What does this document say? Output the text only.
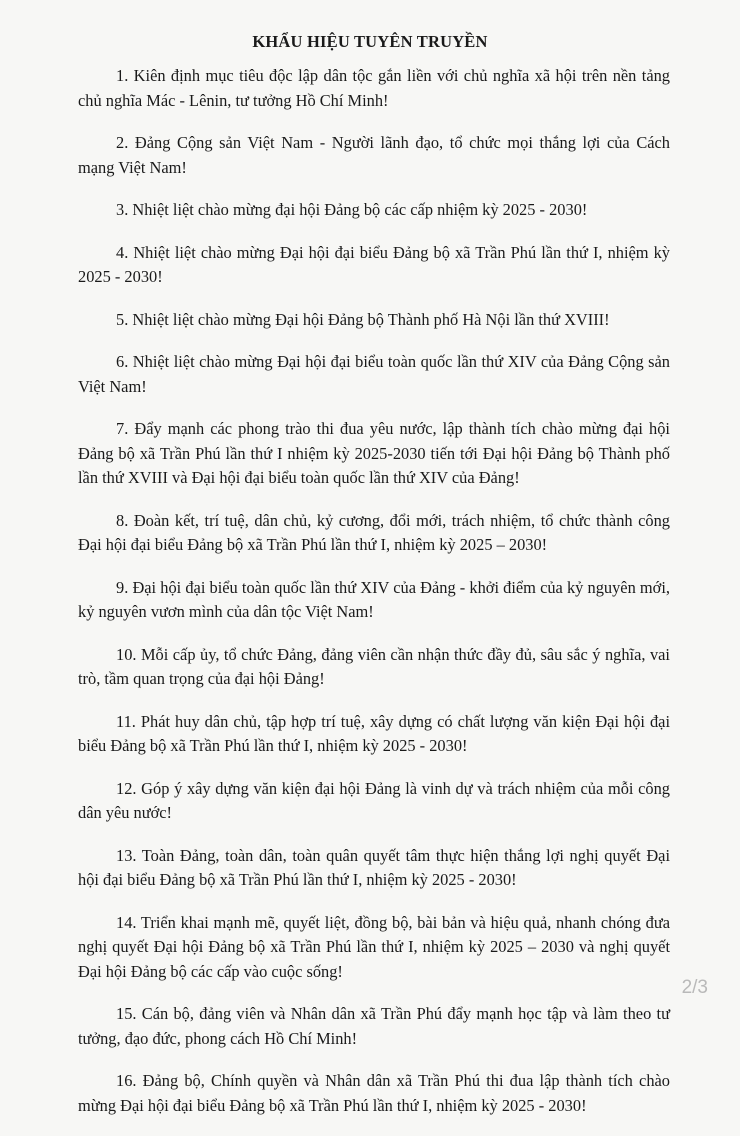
KHẨU HIỆU TUYÊN TRUYỀN

1. Kiên định mục tiêu độc lập dân tộc gắn liền với chủ nghĩa xã hội trên nền tảng chủ nghĩa Mác - Lênin, tư tưởng Hồ Chí Minh!

2. Đảng Cộng sản Việt Nam - Người lãnh đạo, tổ chức mọi thắng lợi của Cách mạng Việt Nam!

3. Nhiệt liệt chào mừng đại hội Đảng bộ các cấp nhiệm kỳ 2025 - 2030!

4. Nhiệt liệt chào mừng Đại hội đại biểu Đảng bộ xã Trần Phú lần thứ I, nhiệm kỳ 2025 - 2030!

5. Nhiệt liệt chào mừng Đại hội Đảng bộ Thành phố Hà Nội lần thứ XVIII!

6. Nhiệt liệt chào mừng Đại hội đại biểu toàn quốc lần thứ XIV của Đảng Cộng sản Việt Nam!

7. Đẩy mạnh các phong trào thi đua yêu nước, lập thành tích chào mừng đại hội Đảng bộ xã Trần Phú lần thứ I nhiệm kỳ 2025-2030 tiến tới Đại hội Đảng bộ Thành phố lần thứ XVIII và Đại hội đại biểu toàn quốc lần thứ XIV của Đảng!

8. Đoàn kết, trí tuệ, dân chủ, kỷ cương, đổi mới, trách nhiệm, tổ chức thành công Đại hội đại biểu Đảng bộ xã Trần Phú lần thứ I, nhiệm kỳ 2025 – 2030!

9. Đại hội đại biểu toàn quốc lần thứ XIV của Đảng - khởi điểm của kỷ nguyên mới, kỷ nguyên vươn mình của dân tộc Việt Nam!

10. Mỗi cấp ủy, tổ chức Đảng, đảng viên cần nhận thức đầy đủ, sâu sắc ý nghĩa, vai trò, tầm quan trọng của đại hội Đảng!

11. Phát huy dân chủ, tập hợp trí tuệ, xây dựng có chất lượng văn kiện Đại hội đại biểu Đảng bộ xã Trần Phú lần thứ I, nhiệm kỳ 2025 - 2030!

12. Góp ý xây dựng văn kiện đại hội Đảng là vinh dự và trách nhiệm của mỗi công dân yêu nước!

13. Toàn Đảng, toàn dân, toàn quân quyết tâm thực hiện thắng lợi nghị quyết Đại hội đại biểu Đảng bộ xã Trần Phú lần thứ I, nhiệm kỳ 2025 - 2030!

14. Triển khai mạnh mẽ, quyết liệt, đồng bộ, bài bản và hiệu quả, nhanh chóng đưa nghị quyết Đại hội Đảng bộ xã Trần Phú lần thứ I, nhiệm kỳ 2025 – 2030 và nghị quyết Đại hội Đảng bộ các cấp vào cuộc sống!

15. Cán bộ, đảng viên và Nhân dân xã Trần Phú đẩy mạnh học tập và làm theo tư tưởng, đạo đức, phong cách Hồ Chí Minh!

16. Đảng bộ, Chính quyền và Nhân dân xã Trần Phú thi đua lập thành tích chào mừng Đại hội đại biểu Đảng bộ xã Trần Phú lần thứ I, nhiệm kỳ 2025 - 2030!

2/3
